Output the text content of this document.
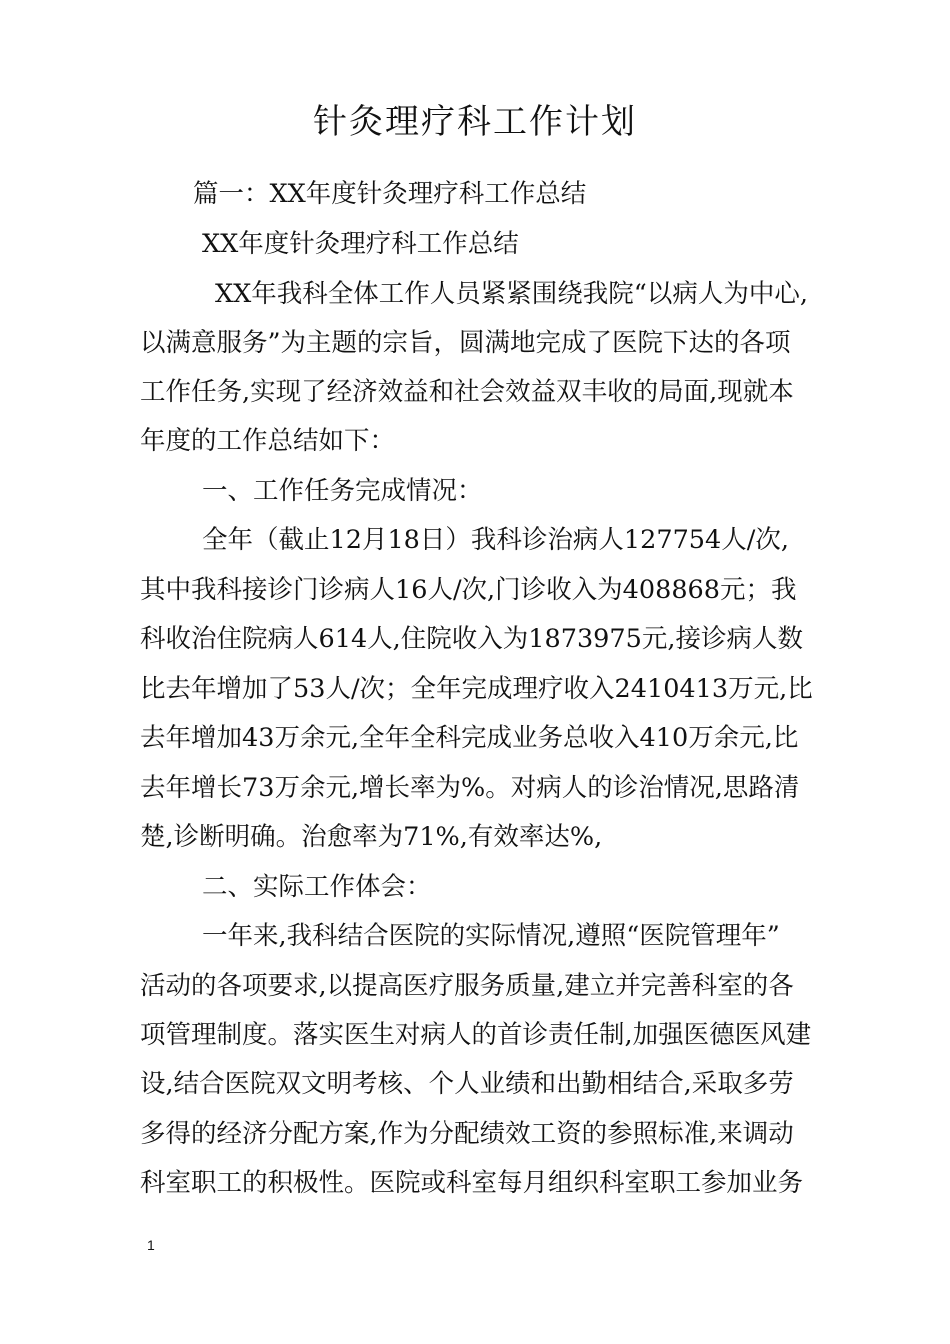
针灸理疗科工作计划
篇一：XX年度针灸理疗科工作总结
XX年度针灸理疗科工作总结
XX年我科全体工作人员紧紧围绕我院“以病人为中心,
以满意服务”为主题的宗旨，圆满地完成了医院下达的各项
工作任务,实现了经济效益和社会效益双丰收的局面,现就本
年度的工作总结如下：
一、工作任务完成情况：
全年（截止12月18日）我科诊治病人127754人/次,
其中我科接诊门诊病人16人/次,门诊收入为408868元；我
科收治住院病人614人,住院收入为1873975元,接诊病人数
比去年增加了53人/次；全年完成理疗收入2410413万元,比
去年增加43万余元,全年全科完成业务总收入410万余元,比
去年增长73万余元,增长率为%。对病人的诊治情况,思路清
楚,诊断明确。治愈率为71%,有效率达%,
二、实际工作体会：
一年来,我科结合医院的实际情况,遵照“医院管理年”
活动的各项要求,以提高医疗服务质量,建立并完善科室的各
项管理制度。落实医生对病人的首诊责任制,加强医德医风建
设,结合医院双文明考核、个人业绩和出勤相结合,采取多劳
多得的经济分配方案,作为分配绩效工资的参照标准,来调动
科室职工的积极性。医院或科室每月组织科室职工参加业务
1
